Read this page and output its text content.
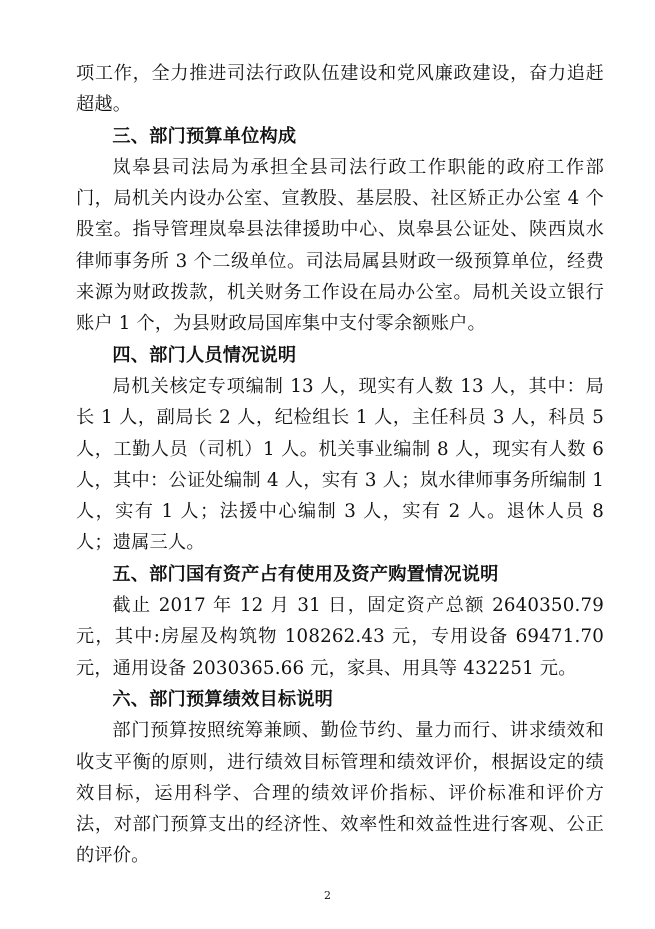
项工作，全力推进司法行政队伍建设和党风廉政建设，奋力追赶超越。

三、部门预算单位构成

岚皋县司法局为承担全县司法行政工作职能的政府工作部门，局机关内设办公室、宣教股、基层股、社区矫正办公室 4 个股室。指导管理岚皋县法律援助中心、岚皋县公证处、陕西岚水律师事务所 3 个二级单位。司法局属县财政一级预算单位，经费来源为财政拨款，机关财务工作设在局办公室。局机关设立银行账户 1 个，为县财政局国库集中支付零余额账户。

四、部门人员情况说明

局机关核定专项编制 13 人，现实有人数 13 人，其中：局长 1 人，副局长 2 人，纪检组长 1 人，主任科员 3 人，科员 5 人，工勤人员（司机）1 人。机关事业编制 8 人，现实有人数 6 人，其中：公证处编制 4 人，实有 3 人；岚水律师事务所编制 1 人，实有 1 人；法援中心编制 3 人，实有 2 人。退休人员 8 人；遗属三人。

五、部门国有资产占有使用及资产购置情况说明

截止 2017 年 12 月 31 日，固定资产总额 2640350.79 元，其中:房屋及构筑物 108262.43 元，专用设备 69471.70 元，通用设备 2030365.66 元，家具、用具等 432251 元。

六、部门预算绩效目标说明

部门预算按照统筹兼顾、勤俭节约、量力而行、讲求绩效和收支平衡的原则，进行绩效目标管理和绩效评价，根据设定的绩效目标，运用科学、合理的绩效评价指标、评价标准和评价方法，对部门预算支出的经济性、效率性和效益性进行客观、公正的评价。

2
